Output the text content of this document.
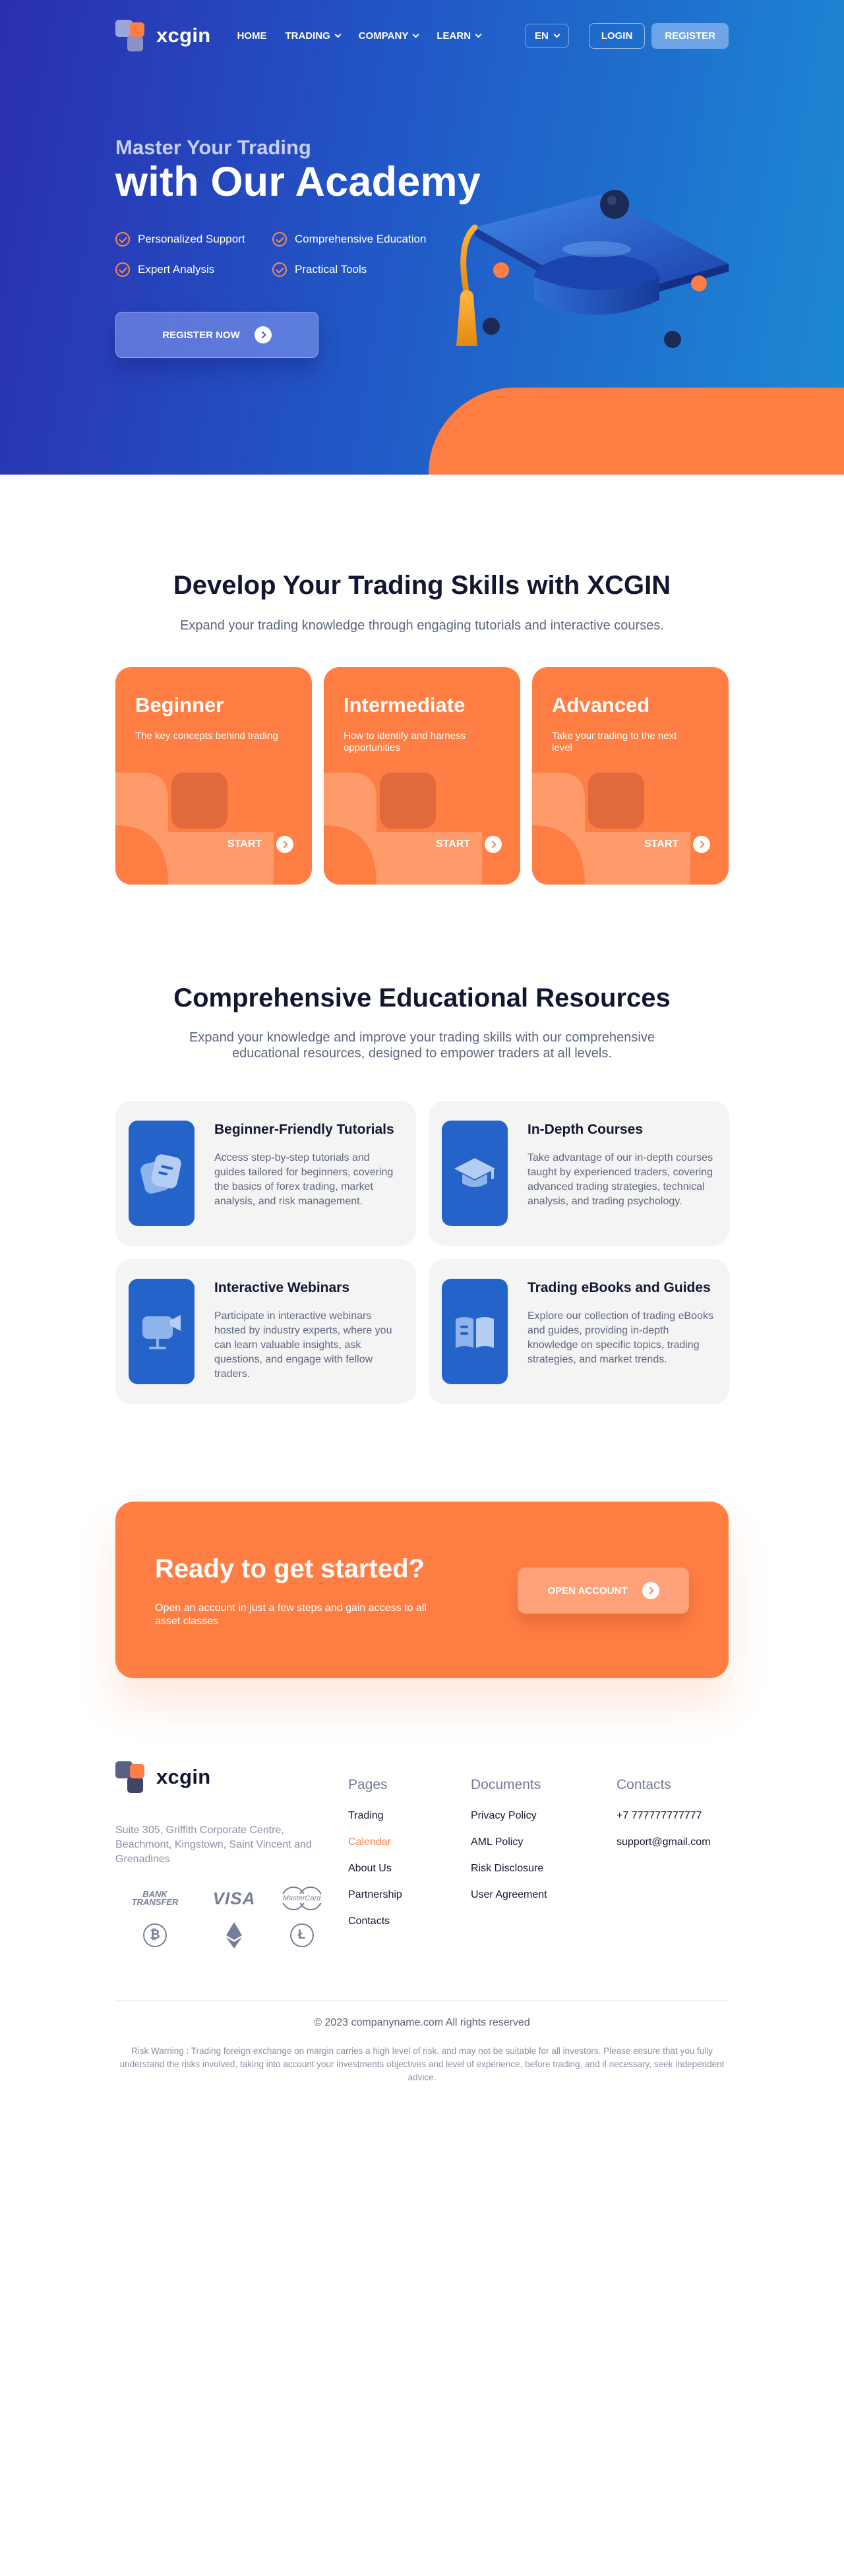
xcgin	HOME TRADING	COMPANY	LEARN	EN	LOGIN	REGISTER
Master Your Trading
with Our Academy
Personalized Support	Comprehensive Education
Expert Analysis	Practical Tools
REGISTER NOW
Develop Your Trading Skills with XCGIN

Expand your trading knowledge through engaging tutorials and interactive courses.

Beginner

The key concepts behind trading

START
Intermediate

How to identify and harness opportunities

START
Advanced

Take your trading to the next level

START
Comprehensive Educational Resources

Expand your knowledge and improve your trading skills with our comprehensive educational resources, designed to empower traders at all levels.

Beginner-Friendly Tutorials

Access step-by-step tutorials and guides tailored for beginners, covering the basics of forex trading, market analysis, and risk management.

In-Depth Courses

Take advantage of our in-depth courses taught by experienced traders, covering advanced trading strategies, technical analysis, and trading psychology.

Interactive Webinars

Participate in interactive webinars hosted by industry experts, where you can learn valuable insights, ask questions, and engage with fellow traders.

Trading eBooks and Guides

Explore our collection of trading eBooks and guides, providing in-depth knowledge on specific topics, trading strategies, and market trends.

Ready to get started?

Open an account in just a few steps and gain access to all asset classes

OPEN ACCOUNT
xcgin

Suite 305, Griffith Corporate Centre, Beachmont, Kingstown, Saint Vincent and Grenadines

BANK TRANSFER VISA	MasterCard
₿	Ł
Pages
Trading
Calendar
About Us
Partnership
Contacts
Documents
Privacy Policy
AML Policy
Risk Disclosure
User Agreement
Contacts
+7 777777777777
support@gmail.com

© 2023 companyname.com All rights reserved

Risk Warning : Trading foreign exchange on margin carries a high level of risk, and may not be suitable for all investors. Please ensure that you fully understand the risks involved, taking into account your investments objectives and level of experience, before trading, and if necessary, seek independent advice.
